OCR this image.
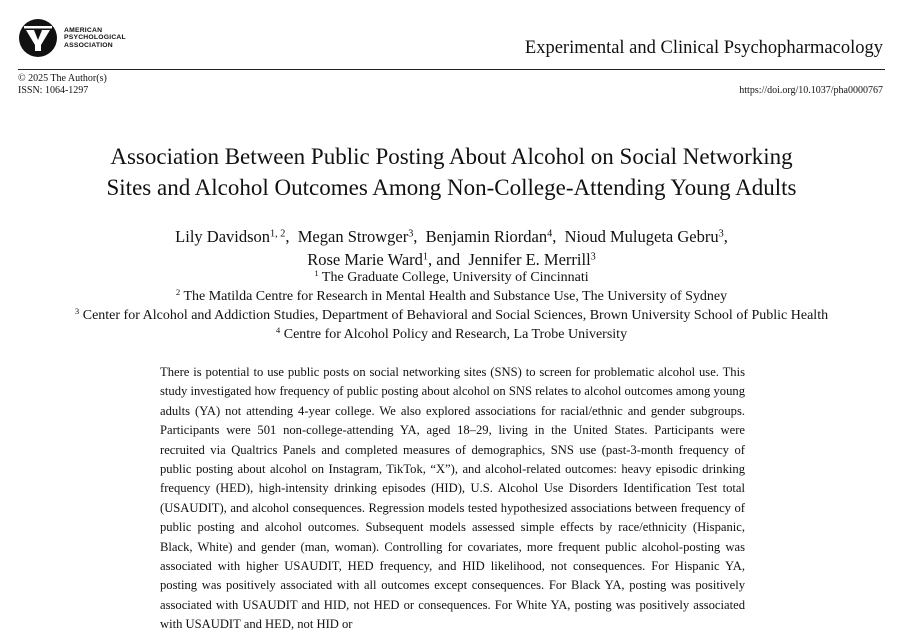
AMERICAN
PSYCHOLOGICAL
ASSOCIATION	Experimental and Clinical Psychopharmacology
© 2025 The Author(s)
ISSN: 1064-1297	https://doi.org/10.1037/pha0000767
Association Between Public Posting About Alcohol on Social Networking
Sites and Alcohol Outcomes Among Non-College-Attending Young Adults
Lily Davidson$^{1, 2}$,  Megan Strowger$^3$,  Benjamin Riordan$^4$,  Nioud Mulugeta Gebru$^3$,
Rose Marie Ward$^1$, and  Jennifer E. Merrill$^3$
$^1$ The Graduate College, University of Cincinnati
$^2$ The Matilda Centre for Research in Mental Health and Substance Use, The University of Sydney
$^3$ Center for Alcohol and Addiction Studies, Department of Behavioral and Social Sciences, Brown University School of Public Health
$^4$ Centre for Alcohol Policy and Research, La Trobe University

There is potential to use public posts on social networking sites (SNS) to screen for problematic alcohol use. This study investigated how frequency of public posting about alcohol on SNS relates to alcohol outcomes among young adults (YA) not attending 4-year college. We also explored associations for racial/ethnic and gender subgroups. Participants were 501 non-college-attending YA, aged 18–29, living in the United States. Participants were recruited via Qualtrics Panels and completed measures of demographics, SNS use (past-3-month frequency of public posting about alcohol on Instagram, TikTok, “X”), and alcohol-related outcomes: heavy episodic drinking frequency (HED), high-intensity drinking episodes (HID), U.S. Alcohol Use Disorders Identification Test total (USAUDIT), and alcohol consequences. Regression models tested hypothesized associations between frequency of public posting and alcohol outcomes. Subsequent models assessed simple effects by race/ethnicity (Hispanic, Black, White) and gender (man, woman). Controlling for covariates, more frequent public alcohol-posting was associated with higher USAUDIT, HED frequency, and HID likelihood, not consequences. For Hispanic YA, posting was positively associated with all outcomes except consequences. For Black YA, posting was positively associated with USAUDIT and HID, not HED or consequences. For White YA, posting was positively associated with USAUDIT and HED, not HID or
